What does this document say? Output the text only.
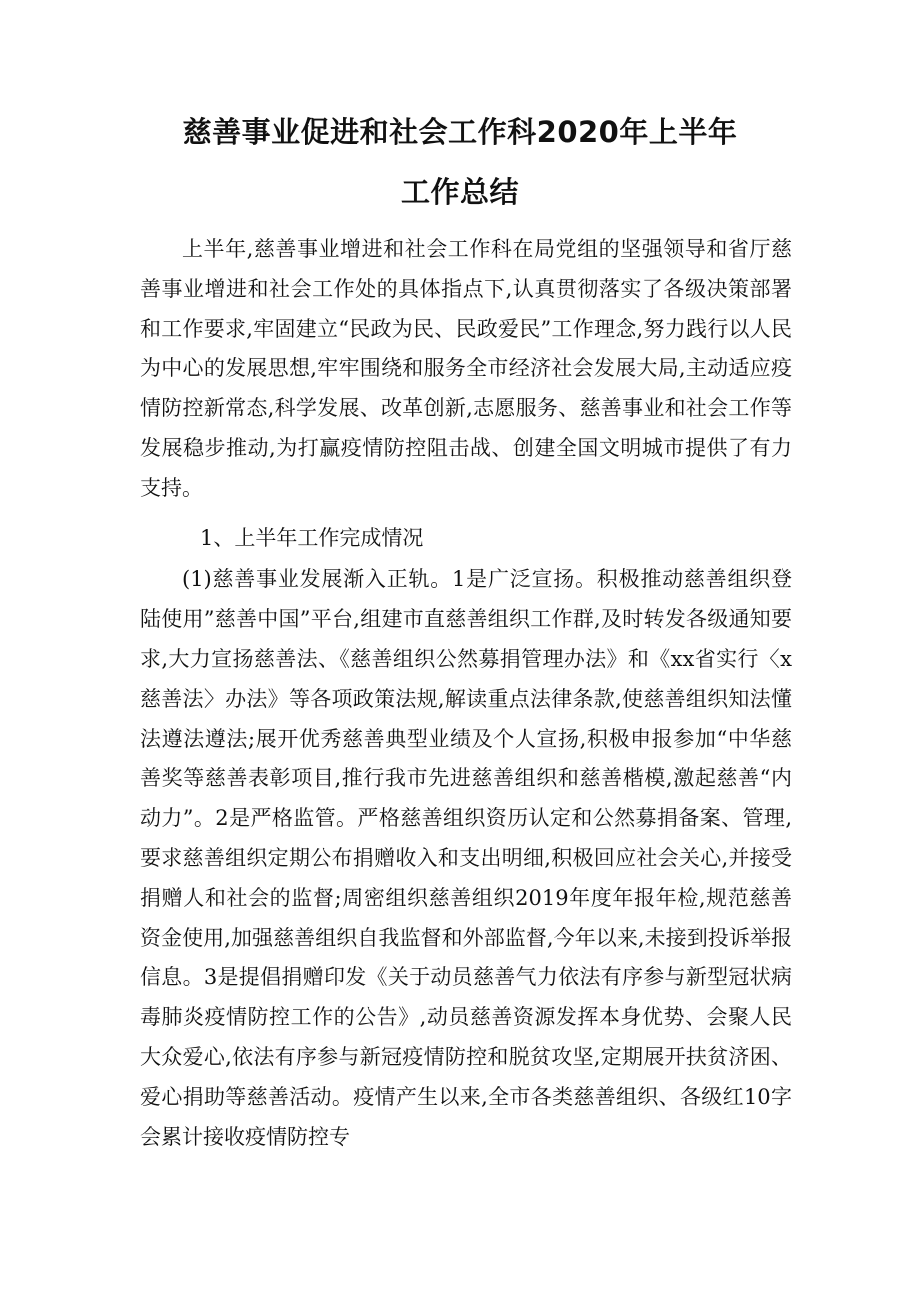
慈善事业促进和社会工作科2020年上半年
工作总结

上半年,慈善事业增进和社会工作科在局党组的坚强领导和省厅慈善事业增进和社会工作处的具体指点下,认真贯彻落实了各级决策部署和工作要求,牢固建立“民政为民、民政爱民”工作理念,努力践行以人民为中心的发展思想,牢牢围绕和服务全市经济社会发展大局,主动适应疫情防控新常态,科学发展、改革创新,志愿服务、慈善事业和社会工作等发展稳步推动,为打赢疫情防控阻击战、创建全国文明城市提供了有力支持。

1、上半年工作完成情况

(1)慈善事业发展渐入正轨。1是广泛宣扬。积极推动慈善组织登陆使用”慈善中国”平台,组建市直慈善组织工作群,及时转发各级通知要求,大力宣扬慈善法、《慈善组织公然募捐管理办法》和《xx省实行〈x慈善法〉办法》等各项政策法规,解读重点法律条款,使慈善组织知法懂法遵法遵法;展开优秀慈善典型业绩及个人宣扬,积极申报参加“中华慈善奖等慈善表彰项目,推行我市先进慈善组织和慈善楷模,激起慈善“内动力”。2是严格监管。严格慈善组织资历认定和公然募捐备案、管理,要求慈善组织定期公布捐赠收入和支出明细,积极回应社会关心,并接受捐赠人和社会的监督;周密组织慈善组织2019年度年报年检,规范慈善资金使用,加强慈善组织自我监督和外部监督,今年以来,未接到投诉举报信息。3是提倡捐赠印发《关于动员慈善气力依法有序参与新型冠状病毒肺炎疫情防控工作的公告》,动员慈善资源发挥本身优势、会聚人民大众爱心,依法有序参与新冠疫情防控和脱贫攻坚,定期展开扶贫济困、爱心捐助等慈善活动。疫情产生以来,全市各类慈善组织、各级红10字会累计接收疫情防控专
